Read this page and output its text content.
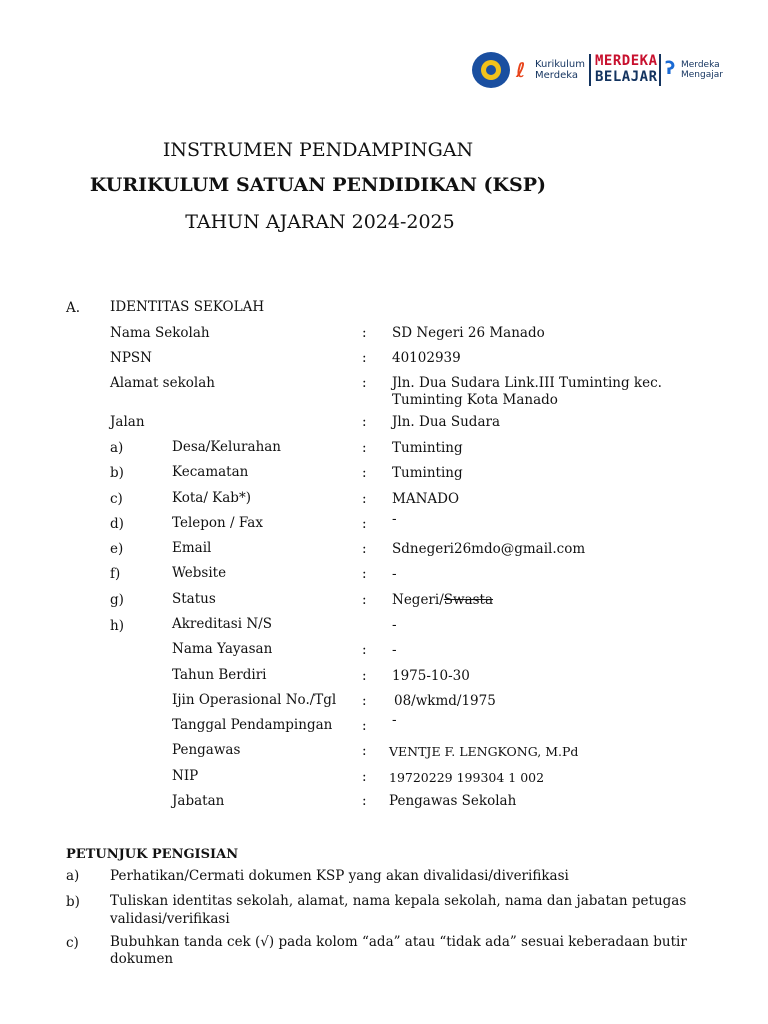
ℓ Kurikulum
Merdeka
MERDEKA
BELAJAR ʔ Merdeka
Mengajar
INSTRUMEN PENDAMPINGAN
KURIKULUM SATUAN PENDIDIKAN (KSP)
TAHUN AJARAN 2024-2025
A. IDENTITAS SEKOLAH
Nama Sekolah	: SD Negeri 26 Manado
NPSN	: 40102939
Alamat sekolah	: Jln. Dua Sudara Link.III Tuminting kec.
Tuminting Kota Manado
Jalan	: Jln. Dua Sudara
a)	Desa/Kelurahan	: Tuminting
b)	Kecamatan	: Tuminting
c)	Kota/ Kab*)	: MANADO
d)	Telepon / Fax	: -
e)	Email	: Sdnegeri26mdo@gmail.com
f)	Website	: -
g)	Status	: Negeri/Swasta
h)	Akreditasi N/S	-
Nama Yayasan	: -
Tahun Berdiri	: 1975-10-30
Ijin Operasional No./Tgl : 08/wkmd/1975
Tanggal Pendampingan : -
Pengawas	: VENTJE F. LENGKONG, M.Pd
NIP	: 19720229 199304 1 002
Jabatan	: Pengawas Sekolah
PETUNJUK PENGISIAN
a) Perhatikan/Cermati dokumen KSP yang akan divalidasi/diverifikasi
b) Tuliskan identitas sekolah, alamat, nama kepala sekolah, nama dan jabatan petugas
validasi/verifikasi
c) Bubuhkan tanda cek (√) pada kolom “ada” atau “tidak ada” sesuai keberadaan butir
dokumen
